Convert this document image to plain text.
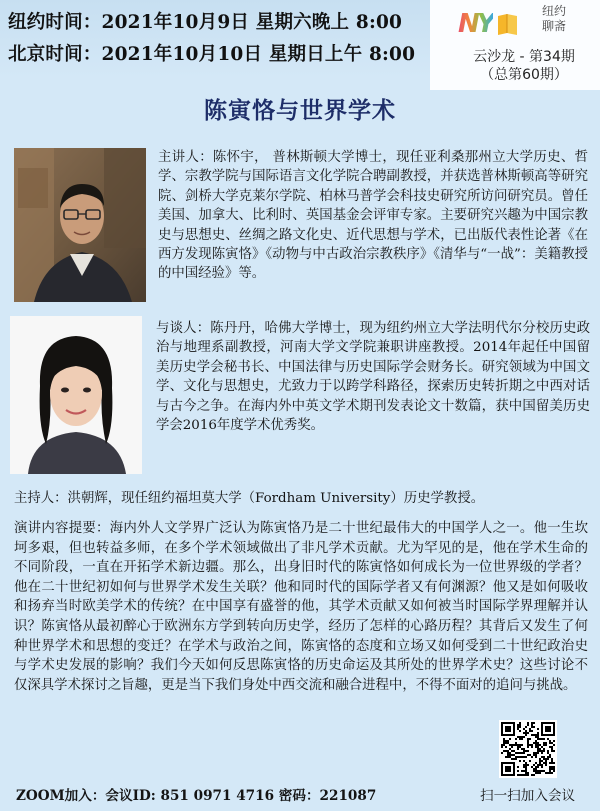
纽约时间：2021年10月9日 星期六晚上 8:00
北京时间：2021年10月10日 星期日上午 8:00
NY	纽约聊斋
云沙龙 - 第34期
（总第60期）
陈寅恪与世界学术
主讲人：陈怀宇， 普林斯顿大学博士，现任亚利桑那州立大学历史、哲学、宗教学院与国际语言文化学院合聘副教授，并获选普林斯顿高等研究院、剑桥大学克莱尔学院、柏林马普学会科技史研究所访问研究员。曾任美国、加拿大、比利时、英国基金会评审专家。主要研究兴趣为中国宗教史与思想史、丝绸之路文化史、近代思想与学术，已出版代表性论著《在西方发现陈寅恪》《动物与中古政治宗教秩序》《清华与“一战”：美籍教授的中国经验》等。
与谈人：陈丹丹，哈佛大学博士，现为纽约州立大学法明代尔分校历史政治与地理系副教授，河南大学文学院兼职讲座教授。2014年起任中国留美历史学会秘书长、中国法律与历史国际学会财务长。研究领域为中国文学、文化与思想史，尤致力于以跨学科路径，探索历史转折期之中西对话与古今之争。在海内外中英文学术期刊发表论文十数篇，获中国留美历史学会2016年度学术优秀奖。
主持人：洪朝辉，现任纽约福坦莫大学（Fordham University）历史学教授。
演讲内容提要：海内外人文学界广泛认为陈寅恪乃是二十世纪最伟大的中国学人之一。他一生坎坷多艰，但也转益多师，在多个学术领域做出了非凡学术贡献。尤为罕见的是，他在学术生命的不同阶段，一直在开拓学术新边疆。那么，出身旧时代的陈寅恪如何成长为一位世界级的学者？他在二十世纪初如何与世界学术发生关联？他和同时代的国际学者又有何渊源？他又是如何吸收和扬弃当时欧美学术的传统？在中国享有盛誉的他，其学术贡献又如何被当时国际学界理解并认识？陈寅恪从最初醉心于欧洲东方学到转向历史学，经历了怎样的心路历程？其背后又发生了何种世界学术和思想的变迁？在学术与政治之间，陈寅恪的态度和立场又如何受到二十世纪政治史与学术史发展的影响？我们今天如何反思陈寅恪的历史命运及其所处的世界学术史？这些讨论不仅深具学术探讨之旨趣，更是当下我们身处中西交流和融合进程中，不得不面对的追问与挑战。
ZOOM加入：会议ID: 851 0971 4716 密码：221087	扫一扫加入会议
